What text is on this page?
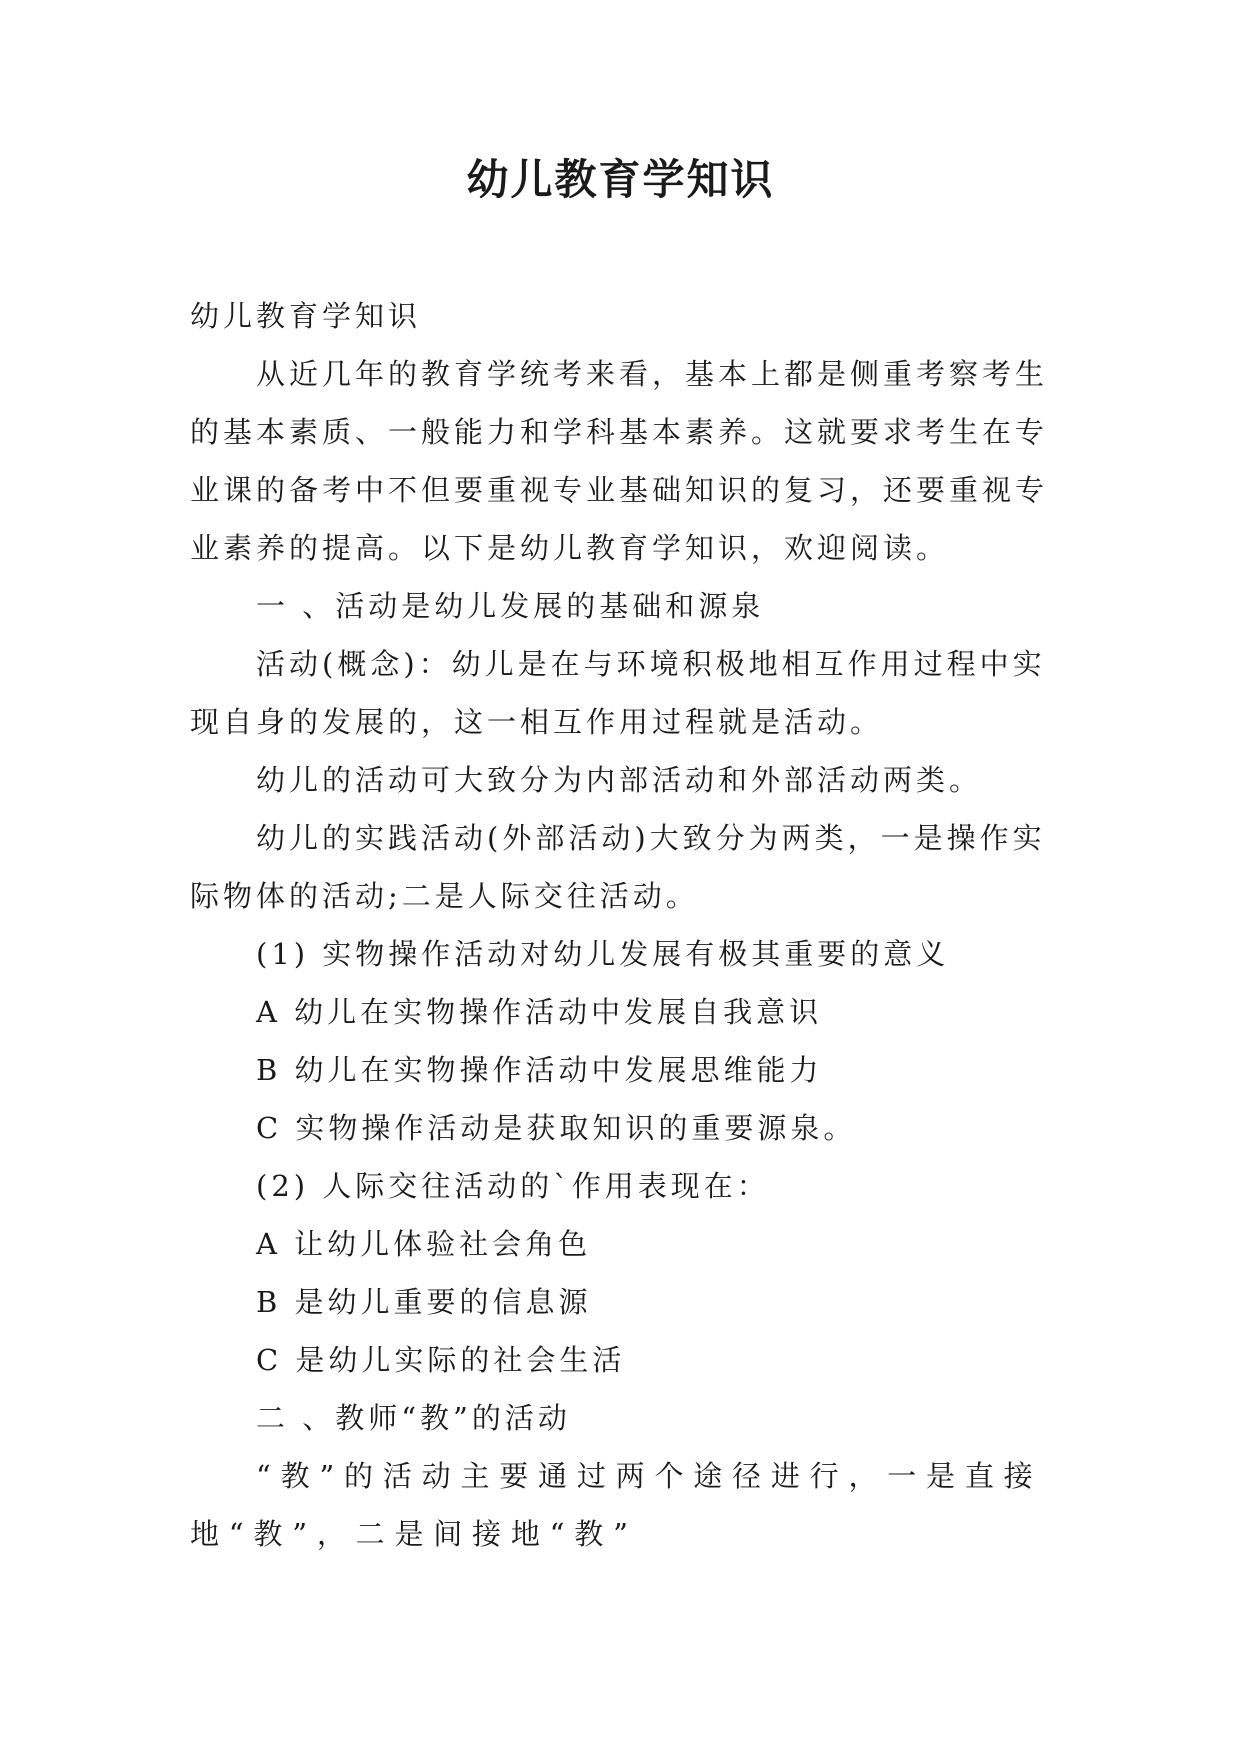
幼儿教育学知识

幼儿教育学知识

从近几年的教育学统考来看，基本上都是侧重考察考生的基本素质、一般能力和学科基本素养。这就要求考生在专业课的备考中不但要重视专业基础知识的复习，还要重视专业素养的提高。以下是幼儿教育学知识，欢迎阅读。

一 、活动是幼儿发展的基础和源泉

活动(概念)：幼儿是在与环境积极地相互作用过程中实现自身的发展的，这一相互作用过程就是活动。

幼儿的活动可大致分为内部活动和外部活动两类。

幼儿的实践活动(外部活动)大致分为两类，一是操作实际物体的活动;二是人际交往活动。

(1) 实物操作活动对幼儿发展有极其重要的意义

A 幼儿在实物操作活动中发展自我意识

B 幼儿在实物操作活动中发展思维能力

C 实物操作活动是获取知识的重要源泉。

(2) 人际交往活动的`作用表现在：

A 让幼儿体验社会角色

B 是幼儿重要的信息源

C 是幼儿实际的社会生活

二 、教师“教”的活动

“教”的活动主要通过两个途径进行，一是直接地“教”，二是间接地“教”
